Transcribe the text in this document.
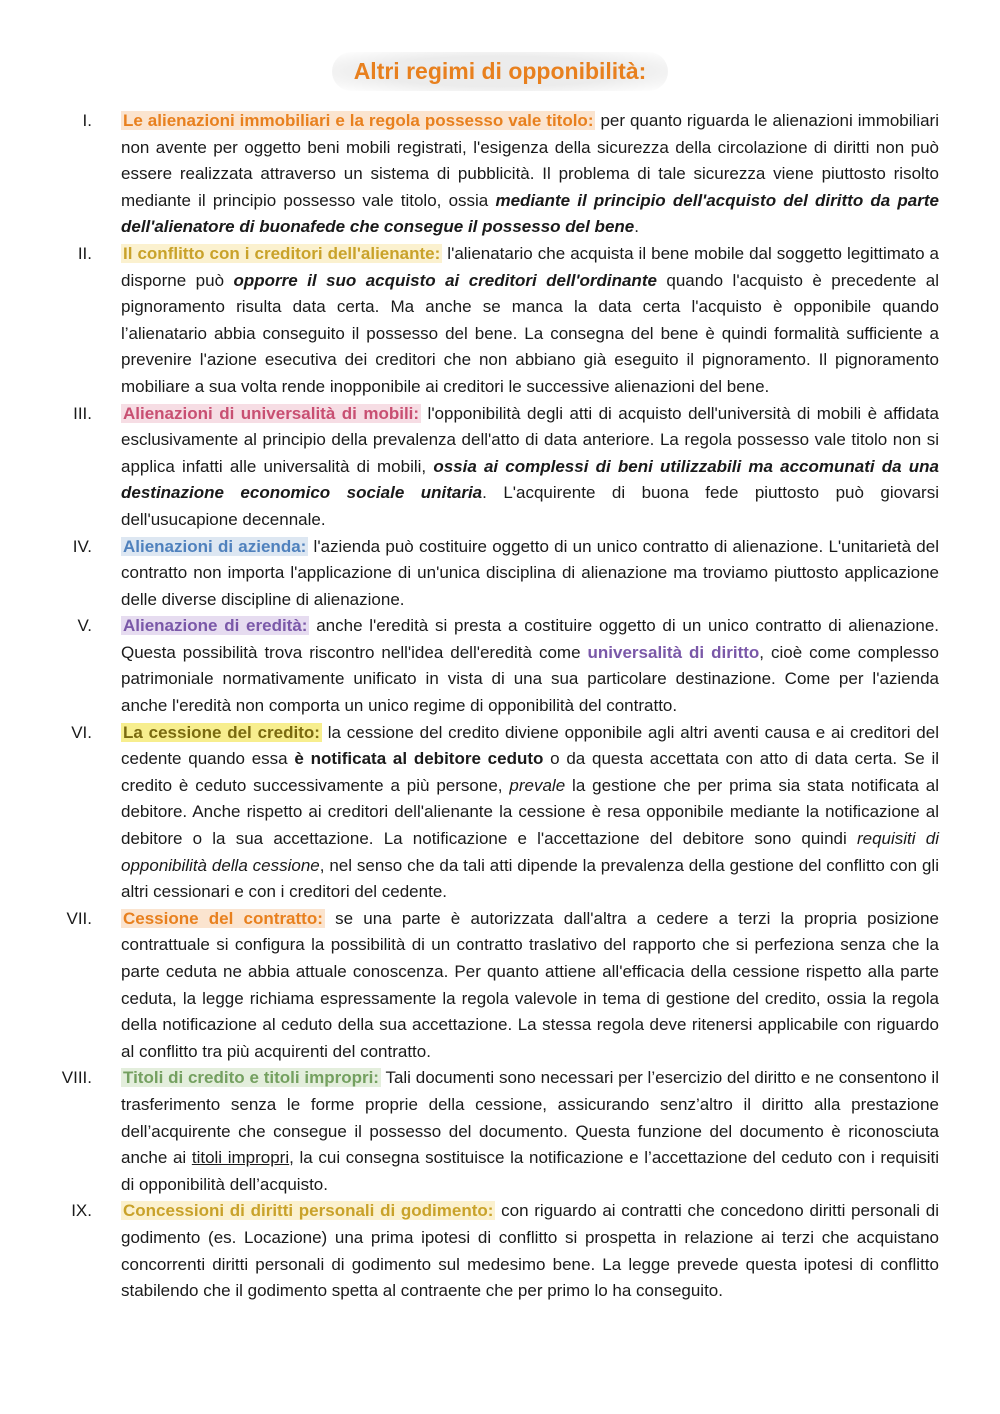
Altri regimi di opponibilità:
I. Le alienazioni immobiliari e la regola possesso vale titolo: per quanto riguarda le alienazioni immobiliari non avente per oggetto beni mobili registrati, l'esigenza della sicurezza della circolazione di diritti non può essere realizzata attraverso un sistema di pubblicità. Il problema di tale sicurezza viene piuttosto risolto mediante il principio possesso vale titolo, ossia mediante il principio dell'acquisto del diritto da parte dell'alienatore di buonafede che consegue il possesso del bene.
II. Il conflitto con i creditori dell'alienante: l'alienatario che acquista il bene mobile dal soggetto legittimato a disporne può opporre il suo acquisto ai creditori dell'ordinante quando l'acquisto è precedente al pignoramento risulta data certa. Ma anche se manca la data certa l'acquisto è opponibile quando l’alienatario abbia conseguito il possesso del bene. La consegna del bene è quindi formalità sufficiente a prevenire l'azione esecutiva dei creditori che non abbiano già eseguito il pignoramento. Il pignoramento mobiliare a sua volta rende inopponibile ai creditori le successive alienazioni del bene.
III. Alienazioni di universalità di mobili: l'opponibilità degli atti di acquisto dell'università di mobili è affidata esclusivamente al principio della prevalenza dell'atto di data anteriore. La regola possesso vale titolo non si applica infatti alle universalità di mobili, ossia ai complessi di beni utilizzabili ma accomunati da una destinazione economico sociale unitaria. L'acquirente di buona fede piuttosto può giovarsi dell'usucapione decennale.
IV. Alienazioni di azienda: l'azienda può costituire oggetto di un unico contratto di alienazione. L'unitarietà del contratto non importa l'applicazione di un'unica disciplina di alienazione ma troviamo piuttosto applicazione delle diverse discipline di alienazione.
V. Alienazione di eredità: anche l'eredità si presta a costituire oggetto di un unico contratto di alienazione. Questa possibilità trova riscontro nell'idea dell'eredità come universalità di diritto, cioè come complesso patrimoniale normativamente unificato in vista di una sua particolare destinazione. Come per l'azienda anche l'eredità non comporta un unico regime di opponibilità del contratto.
VI. La cessione del credito: la cessione del credito diviene opponibile agli altri aventi causa e ai creditori del cedente quando essa è notificata al debitore ceduto o da questa accettata con atto di data certa. Se il credito è ceduto successivamente a più persone, prevale la gestione che per prima sia stata notificata al debitore. Anche rispetto ai creditori dell'alienante la cessione è resa opponibile mediante la notificazione al debitore o la sua accettazione. La notificazione e l'accettazione del debitore sono quindi requisiti di opponibilità della cessione, nel senso che da tali atti dipende la prevalenza della gestione del conflitto con gli altri cessionari e con i creditori del cedente.
VII. Cessione del contratto: se una parte è autorizzata dall'altra a cedere a terzi la propria posizione contrattuale si configura la possibilità di un contratto traslativo del rapporto che si perfeziona senza che la parte ceduta ne abbia attuale conoscenza. Per quanto attiene all'efficacia della cessione rispetto alla parte ceduta, la legge richiama espressamente la regola valevole in tema di gestione del credito, ossia la regola della notificazione al ceduto della sua accettazione. La stessa regola deve ritenersi applicabile con riguardo al conflitto tra più acquirenti del contratto.
VIII. Titoli di credito e titoli impropri: Tali documenti sono necessari per l’esercizio del diritto e ne consentono il trasferimento senza le forme proprie della cessione, assicurando senz’altro il diritto alla prestazione dell’acquirente che consegue il possesso del documento. Questa funzione del documento è riconosciuta anche ai titoli impropri, la cui consegna sostituisce la notificazione e l’accettazione del ceduto con i requisiti di opponibilità dell’acquisto.
IX. Concessioni di diritti personali di godimento: con riguardo ai contratti che concedono diritti personali di godimento (es. Locazione) una prima ipotesi di conflitto si prospetta in relazione ai terzi che acquistano concorrenti diritti personali di godimento sul medesimo bene. La legge prevede questa ipotesi di conflitto stabilendo che il godimento spetta al contraente che per primo lo ha conseguito.
